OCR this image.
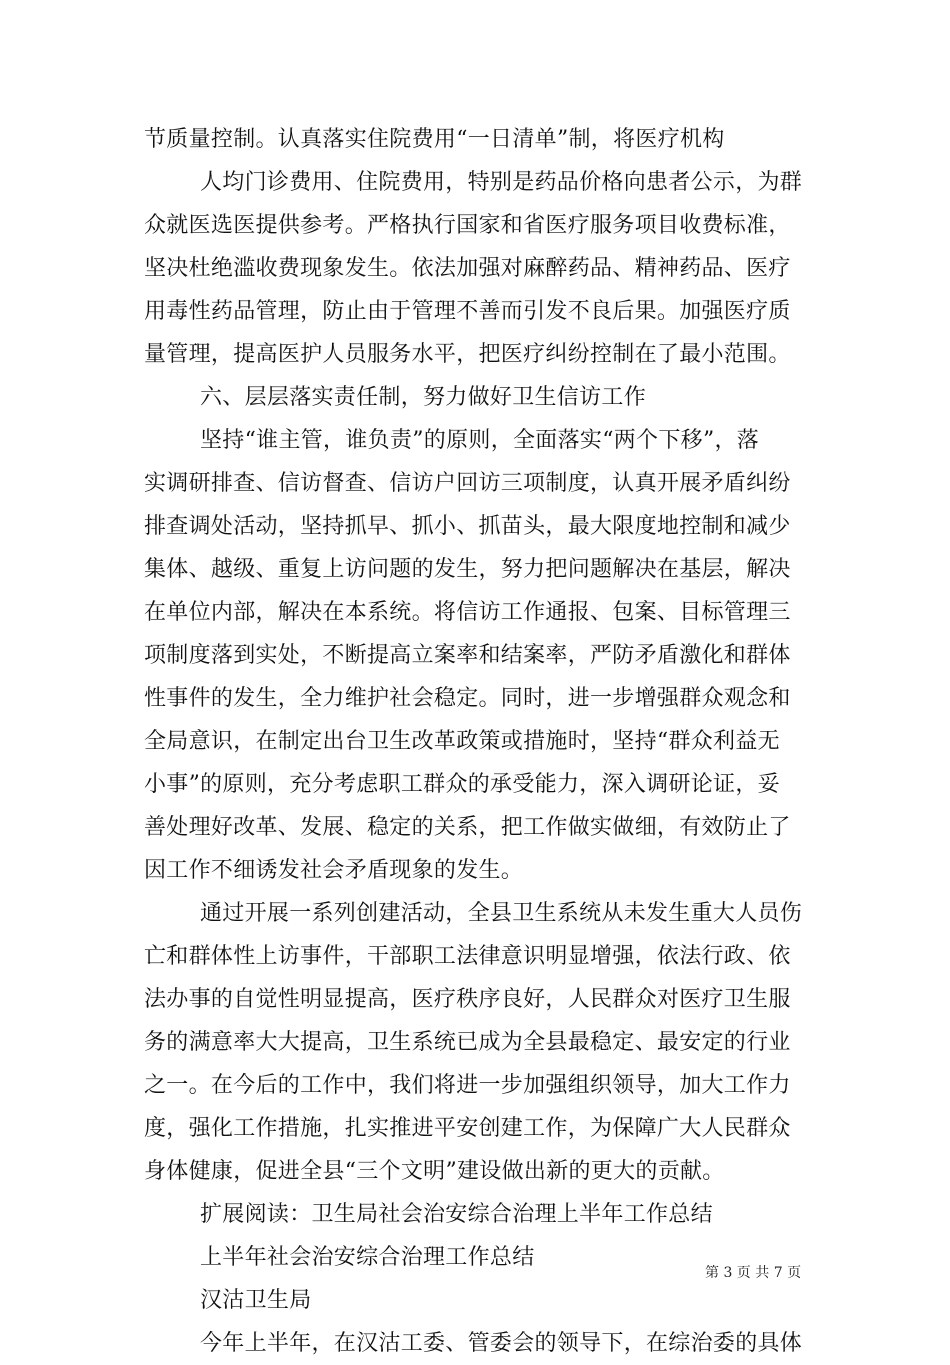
节质量控制。认真落实住院费用“一日清单”制，将医疗机构
人均门诊费用、住院费用，特别是药品价格向患者公示，为群
众就医选医提供参考。严格执行国家和省医疗服务项目收费标准，
坚决杜绝滥收费现象发生。依法加强对麻醉药品、精神药品、医疗
用毒性药品管理，防止由于管理不善而引发不良后果。加强医疗质
量管理，提高医护人员服务水平，把医疗纠纷控制在了最小范围。
六、层层落实责任制，努力做好卫生信访工作
坚持“谁主管，谁负责”的原则，全面落实“两个下移”，落
实调研排查、信访督查、信访户回访三项制度，认真开展矛盾纠纷
排查调处活动，坚持抓早、抓小、抓苗头，最大限度地控制和减少
集体、越级、重复上访问题的发生，努力把问题解决在基层，解决
在单位内部，解决在本系统。将信访工作通报、包案、目标管理三
项制度落到实处，不断提高立案率和结案率，严防矛盾激化和群体
性事件的发生，全力维护社会稳定。同时，进一步增强群众观念和
全局意识，在制定出台卫生改革政策或措施时，坚持“群众利益无
小事”的原则，充分考虑职工群众的承受能力，深入调研论证，妥
善处理好改革、发展、稳定的关系，把工作做实做细，有效防止了
因工作不细诱发社会矛盾现象的发生。
通过开展一系列创建活动，全县卫生系统从未发生重大人员伤
亡和群体性上访事件，干部职工法律意识明显增强，依法行政、依
法办事的自觉性明显提高，医疗秩序良好，人民群众对医疗卫生服
务的满意率大大提高，卫生系统已成为全县最稳定、最安定的行业
之一。在今后的工作中，我们将进一步加强组织领导，加大工作力
度，强化工作措施，扎实推进平安创建工作，为保障广大人民群众
身体健康，促进全县“三个文明”建设做出新的更大的贡献。
扩展阅读：卫生局社会治安综合治理上半年工作总结
上半年社会治安综合治理工作总结
汉沽卫生局
今年上半年，在汉沽工委、管委会的领导下，在综治委的具体
第 3 页 共 7 页
